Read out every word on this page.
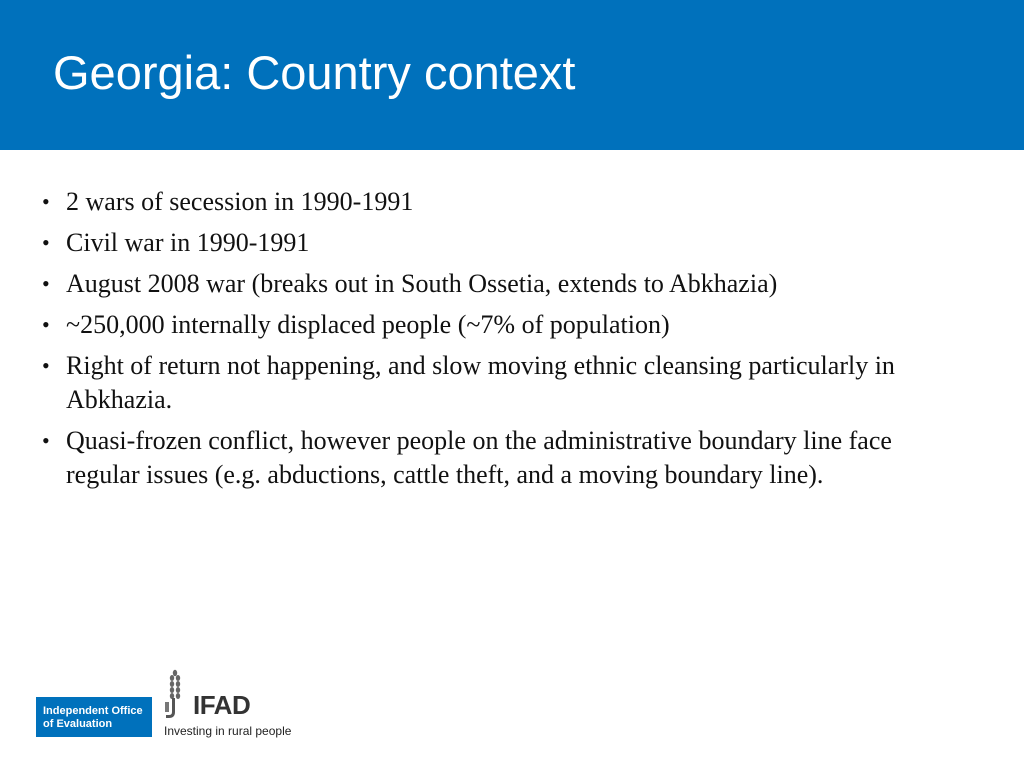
Georgia: Country context
• 2 wars of secession in 1990-1991
• Civil war in 1990-1991
• August 2008 war (breaks out in South Ossetia, extends to Abkhazia)
• ~250,000 internally displaced people (~7% of population)
• Right of return not happening, and slow moving ethnic cleansing particularly in Abkhazia.
• Quasi-frozen conflict, however people on the administrative boundary line face regular issues (e.g. abductions, cattle theft, and a moving boundary line).
Independent Office
of Evaluation
IFAD
Investing in rural people
